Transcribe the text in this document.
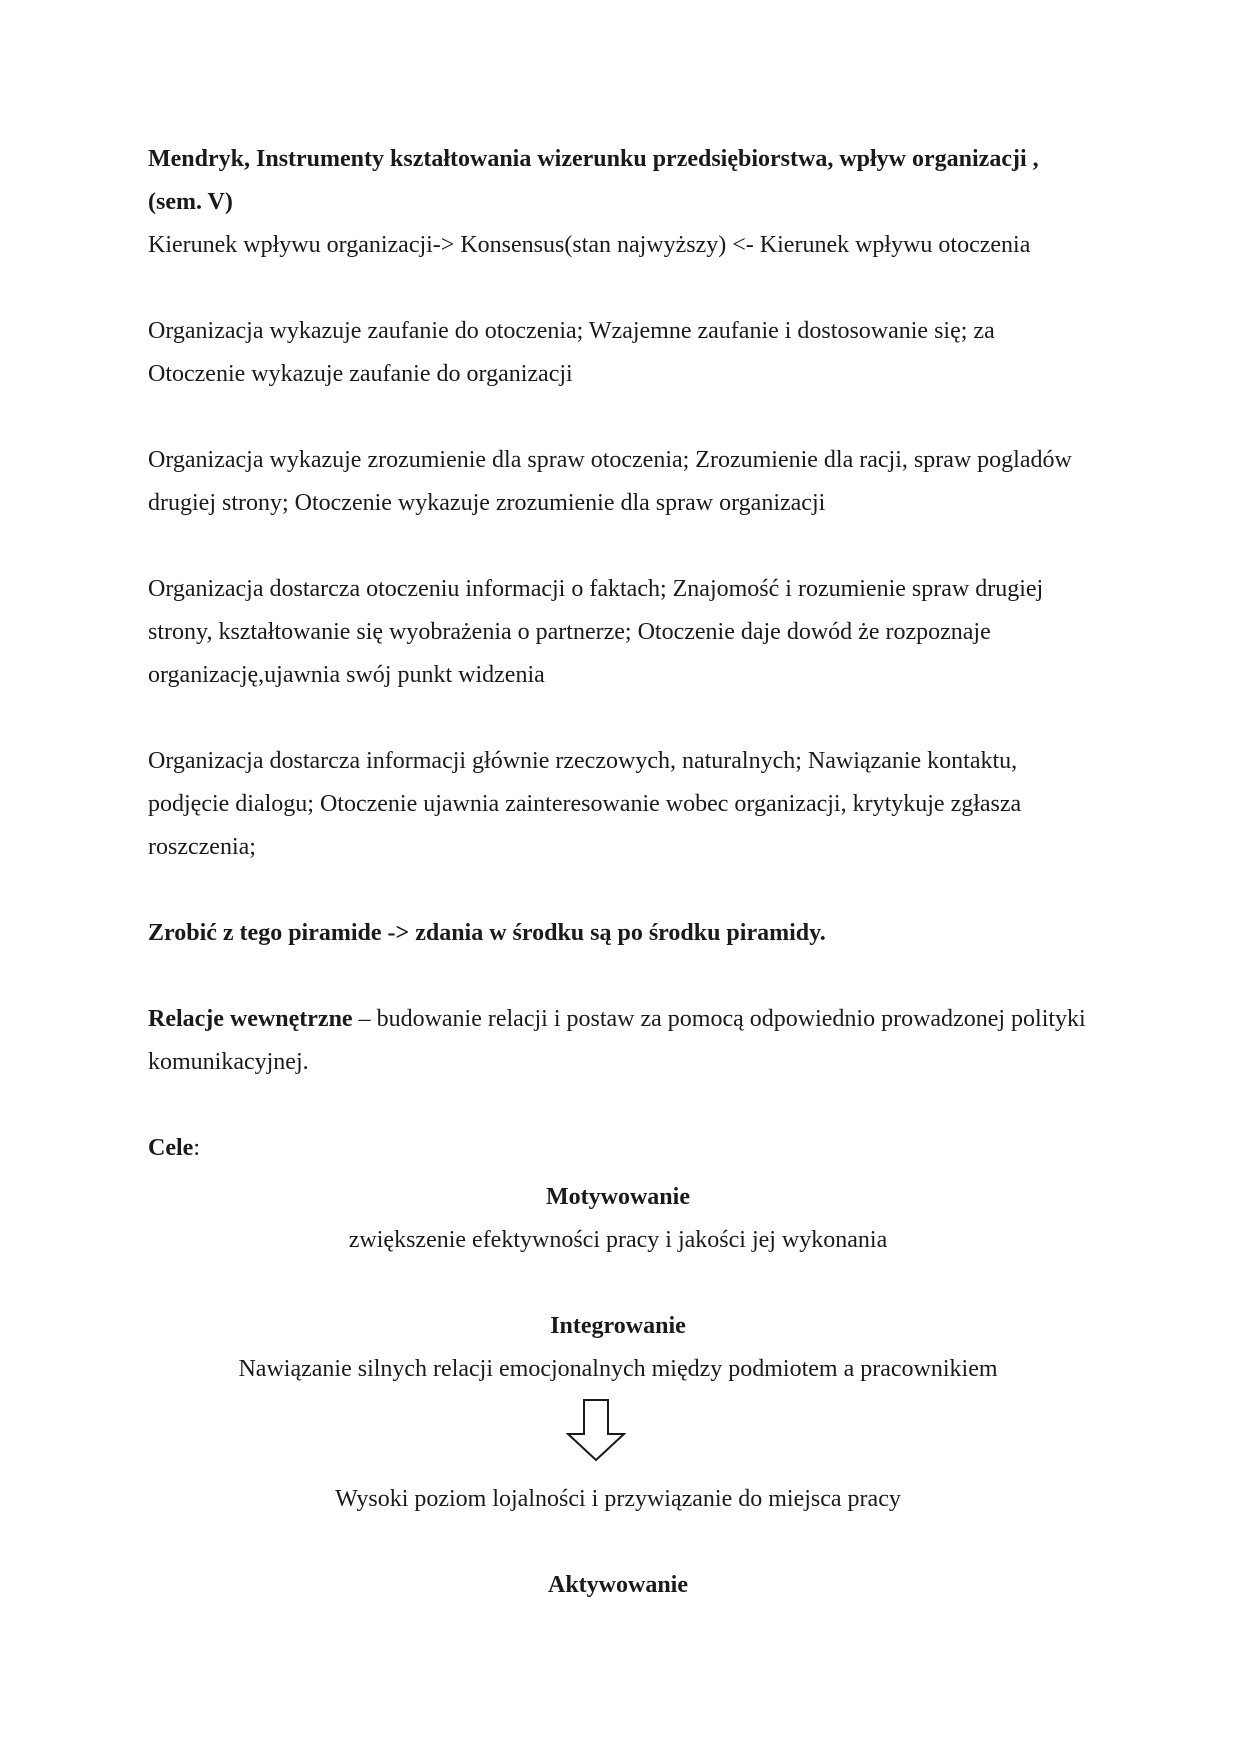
Mendryk, Instrumenty kształtowania wizerunku przedsiębiorstwa, wpływ organizacji ,(sem. V)

Kierunek wpływu organizacji-> Konsensus(stan najwyższy) <- Kierunek wpływu otoczenia

Organizacja wykazuje zaufanie do otoczenia; Wzajemne zaufanie i dostosowanie się; za Otoczenie wykazuje zaufanie do organizacji

Organizacja wykazuje zrozumienie dla spraw otoczenia; Zrozumienie dla racji, spraw pogladów drugiej strony; Otoczenie wykazuje zrozumienie dla spraw organizacji

Organizacja dostarcza otoczeniu informacji o faktach; Znajomość i rozumienie spraw drugiej strony, kształtowanie się wyobrażenia o partnerze; Otoczenie daje dowód że rozpoznaje organizację,ujawnia swój punkt widzenia

Organizacja dostarcza informacji głównie rzeczowych, naturalnych; Nawiązanie kontaktu, podjęcie dialogu; Otoczenie ujawnia zainteresowanie wobec organizacji, krytykuje zgłasza roszczenia;

Zrobić z tego piramide -> zdania w środku są po środku piramidy.

Relacje wewnętrzne – budowanie relacji i postaw za pomocą odpowiednio prowadzonej polityki komunikacyjnej.

Cele:

Motywowanie

zwiększenie efektywności pracy i jakości jej wykonania

Integrowanie

Nawiązanie silnych relacji emocjonalnych między podmiotem a pracownikiem

Wysoki poziom lojalności i przywiązanie do miejsca pracy

Aktywowanie
